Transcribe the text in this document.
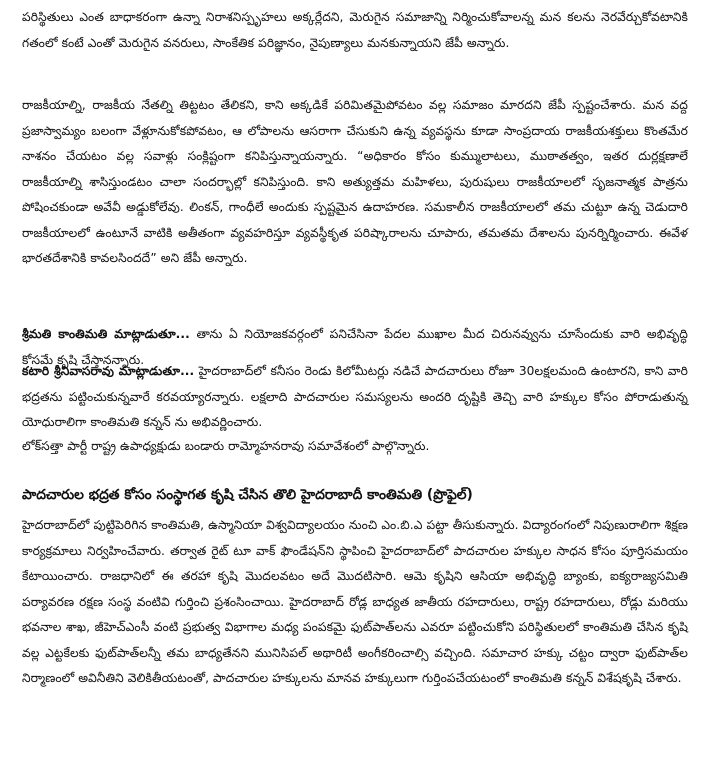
పరిస్థితులు ఎంత బాధాకరంగా ఉన్నా నిరాశనిస్పృహలు అక్కర్లేదని, మెరుగైన సమాజాన్ని నిర్మించుకోవాలన్న మన కలను నెరవేర్చుకోవటానికి గతంలో కంటే ఎంతో మెరుగైన వనరులు, సాంకేతిక పరిజ్ఞానం, నైపుణ్యాలు మనకున్నాయని జేపీ అన్నారు.

రాజకీయాల్ని, రాజకీయ నేతల్ని తిట్టటం తేలికని, కాని అక్కడికే పరిమితమైపోవటం వల్ల సమాజం మారదని జేపీ స్పష్టంచేశారు. మన వద్ద ప్రజాస్వామ్యం బలంగా వేళ్లూనుకోకపోవటం, ఆ లోపాలను ఆసరాగా చేసుకుని ఉన్న వ్యవస్థను కూడా సాంప్రదాయ రాజకీయశక్తులు కొంతమేర నాశనం చేయటం వల్ల సవాళ్లు సంక్లిష్టంగా కనిపిస్తున్నాయన్నారు. “అధికారం కోసం కుమ్ములాటలు, ముఠాతత్వం, ఇతర దుర్లక్షణాలే రాజకీయాల్ని శాసిస్తుండటం చాలా సందర్భాల్లో కనిపిస్తుంది. కాని అత్యుత్తమ మహిళలు, పురుషులు రాజకీయాలలో సృజనాత్మక పాత్రను పోషించకుండా అవేవీ అడ్డుకోలేవు. లింకన్, గాంధీలే అందుకు స్పష్టమైన ఉదాహరణ. సమకాలీన రాజకీయాలలో తమ చుట్టూ ఉన్న చెడుదారి రాజకీయాలలో ఉంటూనే వాటికి అతీతంగా వ్యవహరిస్తూ వ్యవస్థీకృత పరిష్కారాలను చూపారు, తమతమ దేశాలను పునర్నిర్మించారు. ఈవేళ భారతదేశానికి కావలసిందదే” అని జేపీ అన్నారు.

శ్రీమతి కాంతిమతి మాట్లాడుతూ... తాను ఏ నియోజకవర్గంలో పనిచేసినా పేదల ముఖాల మీద చిరునవ్వును చూసేందుకు వారి అభివృద్ధి కోసమే కృషి చేస్తానన్నారు.

కటారి శ్రీనివాసరావు మాట్లాడుతూ... హైదరాబాద్‌లో కనీసం రెండు కిలోమీటర్లు నడిచే పాదచారులు రోజూ 30లక్షలమంది ఉంటారని, కాని వారి భద్రతను పట్టించుకున్నవారే కరవయ్యారన్నారు. లక్షలాది పాదచారుల సమస్యలను అందరి దృష్టికి తెచ్చి వారి హక్కుల కోసం పోరాడుతున్న యోధురాలిగా కాంతిమతి కన్నన్ ను అభివర్ణించారు.

లోక్‌సత్తా పార్టీ రాష్ట్ర ఉపాధ్యక్షుడు బండారు రామ్మోహనరావు సమావేశంలో పాల్గొన్నారు.

పాదచారుల భద్రత కోసం సంస్థాగత కృషి చేసిన తొలి హైదరాబాదీ కాంతిమతి (ప్రొఫైల్)

హైదరాబాద్‌లో పుట్టిపెరిగిన కాంతిమతి, ఉస్మానియా విశ్వవిద్యాలయం నుంచి ఎం.బి.ఎ పట్టా తీసుకున్నారు. విద్యారంగంలో నిపుణురాలిగా శిక్షణ కార్యక్రమాలు నిర్వహించేవారు. తర్వాత రైట్ టూ వాక్ ఫౌండేషన్‌ని స్థాపించి హైదరాబాద్‌లో పాదచారుల హక్కుల సాధన కోసం పూర్తిసమయం కేటాయించారు. రాజధానిలో ఈ తరహా కృషి మొదలవటం అదే మొదటిసారి. ఆమె కృషిని ఆసియా అభివృద్ధి బ్యాంకు, ఐక్యరాజ్యసమితి పర్యావరణ రక్షణ సంస్థ వంటివి గుర్తించి ప్రశంసించాయి. హైదరాబాద్ రోడ్ల బాధ్యత జాతీయ రహదారులు, రాష్ట్ర రహదారులు, రోడ్లు మరియు భవనాల శాఖ, జీహెచ్ఎంసీ వంటి ప్రభుత్వ విభాగాల మధ్య పంపకమై ఫుట్‌పాత్‌లను ఎవరూ పట్టించుకోని పరిస్థితులలో కాంతిమతి చేసిన కృషి వల్ల ఎట్టకేలకు ఫుట్‌పాత్‌లన్నీ తమ బాధ్యతేనని మునిసిపల్ అథారిటీ అంగీకరించాల్సి వచ్చింది. సమాచార హక్కు చట్టం ద్వారా ఫుట్‌పాత్‌ల నిర్మాణంలో అవినీతిని వెలికితీయటంతో, పాదచారుల హక్కులను మానవ హక్కులుగా గుర్తింపచేయటంలో కాంతిమతి కన్నన్ విశేషకృషి చేశారు.
